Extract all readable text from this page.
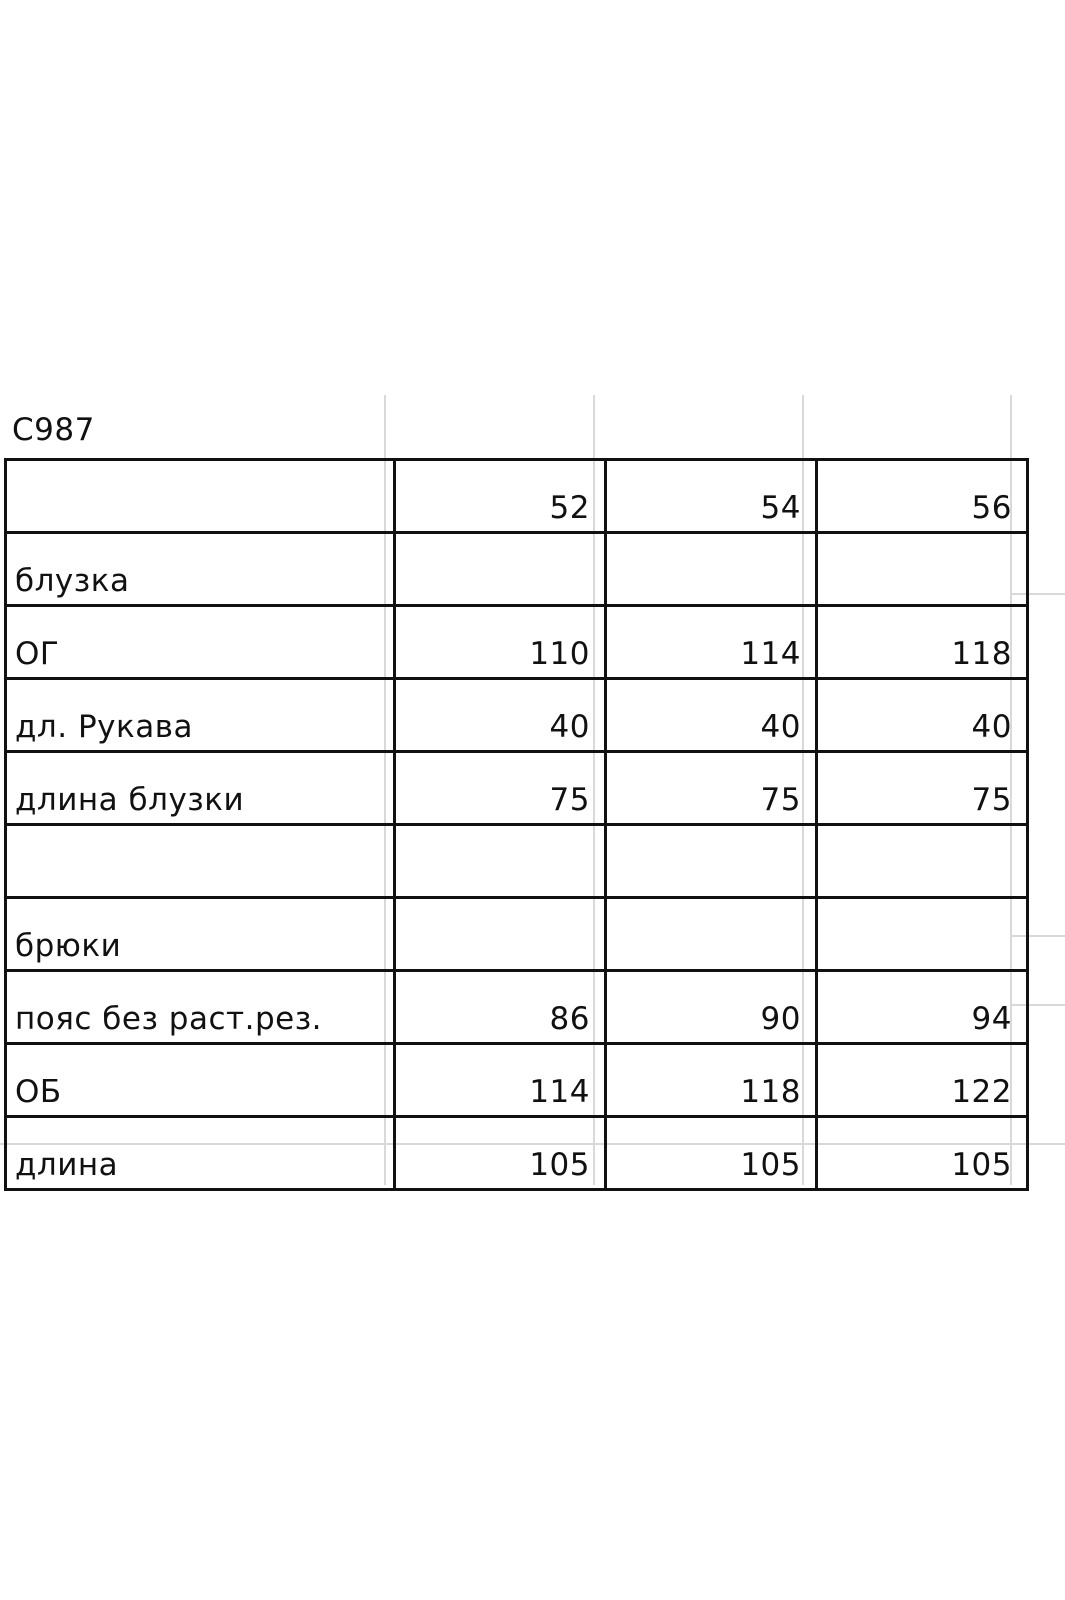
C987
	52	54	56
блузка			
ОГ	110	114	118
дл. Рукава	40	40	40
длина блузки	75	75	75

брюки			
пояс без раст.рез.	86	90	94
ОБ	114	118	122
длина	105	105	105
